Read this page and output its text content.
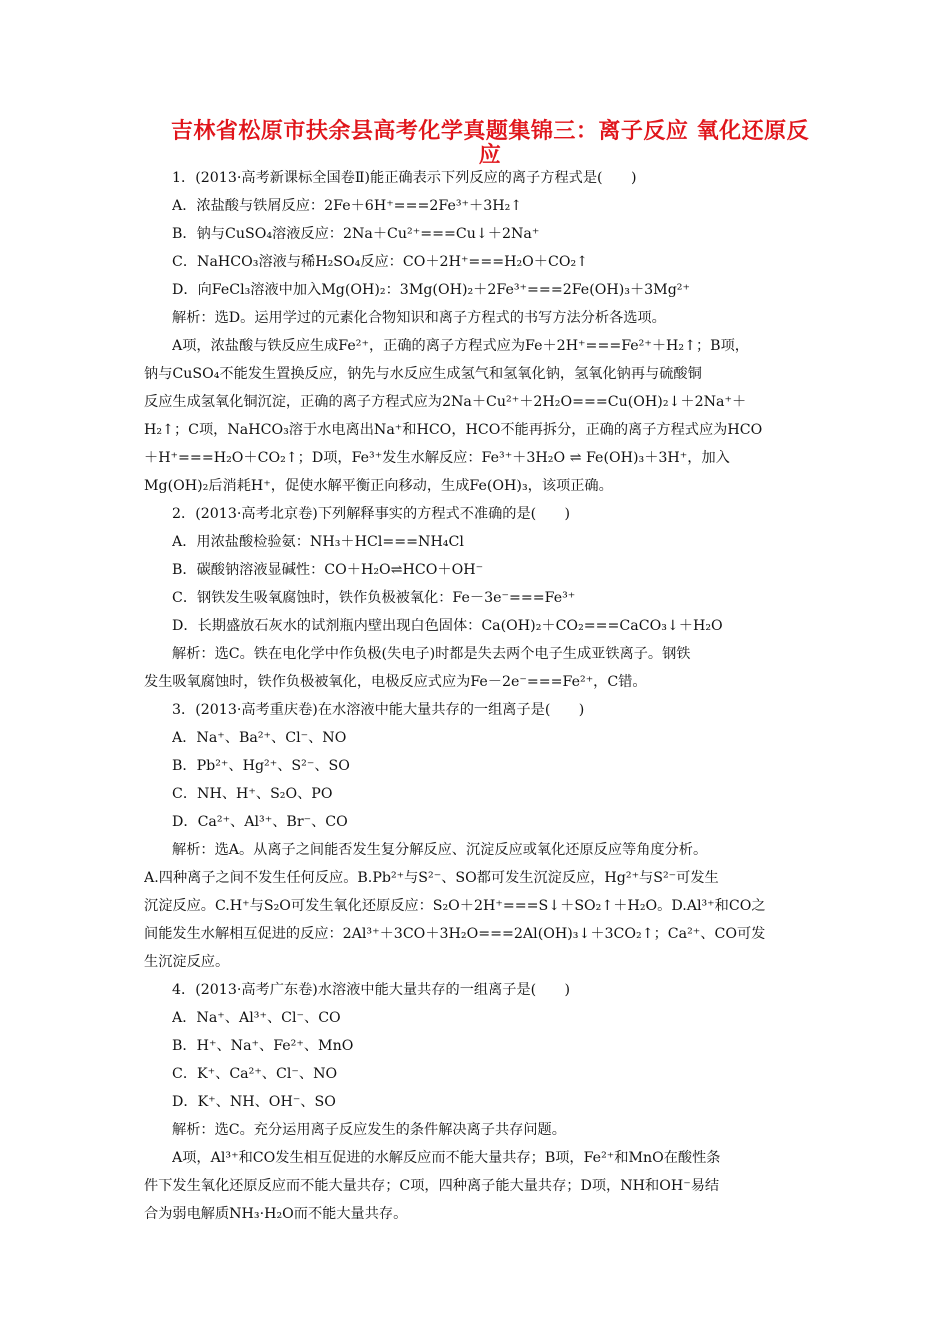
吉林省松原市扶余县高考化学真题集锦三：离子反应 氧化还原反应
1．(2013·高考新课标全国卷Ⅱ)能正确表示下列反应的离子方程式是(　　)
A．浓盐酸与铁屑反应：2Fe＋6H⁺===2Fe³⁺＋3H₂↑
B．钠与CuSO₄溶液反应：2Na＋Cu²⁺===Cu↓＋2Na⁺
C．NaHCO₃溶液与稀H₂SO₄反应：CO＋2H⁺===H₂O＋CO₂↑
D．向FeCl₃溶液中加入Mg(OH)₂：3Mg(OH)₂＋2Fe³⁺===2Fe(OH)₃＋3Mg²⁺
解析：选D。运用学过的元素化合物知识和离子方程式的书写方法分析各选项。
A项，浓盐酸与铁反应生成Fe²⁺，正确的离子方程式应为Fe＋2H⁺===Fe²⁺＋H₂↑；B项，
钠与CuSO₄不能发生置换反应，钠先与水反应生成氢气和氢氧化钠，氢氧化钠再与硫酸铜
反应生成氢氧化铜沉淀，正确的离子方程式应为2Na＋Cu²⁺＋2H₂O===Cu(OH)₂↓＋2Na⁺＋
H₂↑；C项，NaHCO₃溶于水电离出Na⁺和HCO，HCO不能再拆分，正确的离子方程式应为HCO
＋H⁺===H₂O＋CO₂↑；D项，Fe³⁺发生水解反应：Fe³⁺＋3H₂O ⇌ Fe(OH)₃＋3H⁺，加入
Mg(OH)₂后消耗H⁺，促使水解平衡正向移动，生成Fe(OH)₃，该项正确。
2．(2013·高考北京卷)下列解释事实的方程式不准确的是(　　)
A．用浓盐酸检验氨：NH₃＋HCl===NH₄Cl
B．碳酸钠溶液显碱性：CO＋H₂O⇌HCO＋OH⁻
C．钢铁发生吸氧腐蚀时，铁作负极被氧化：Fe－3e⁻===Fe³⁺
D．长期盛放石灰水的试剂瓶内壁出现白色固体：Ca(OH)₂＋CO₂===CaCO₃↓＋H₂O
解析：选C。铁在电化学中作负极(失电子)时都是失去两个电子生成亚铁离子。钢铁
发生吸氧腐蚀时，铁作负极被氧化，电极反应式应为Fe－2e⁻===Fe²⁺，C错。
3．(2013·高考重庆卷)在水溶液中能大量共存的一组离子是(　　)
A．Na⁺、Ba²⁺、Cl⁻、NO
B．Pb²⁺、Hg²⁺、S²⁻、SO
C．NH、H⁺、S₂O、PO
D．Ca²⁺、Al³⁺、Br⁻、CO
解析：选A。从离子之间能否发生复分解反应、沉淀反应或氧化还原反应等角度分析。
A.四种离子之间不发生任何反应。B.Pb²⁺与S²⁻、SO都可发生沉淀反应，Hg²⁺与S²⁻可发生
沉淀反应。C.H⁺与S₂O可发生氧化还原反应：S₂O＋2H⁺===S↓＋SO₂↑＋H₂O。D.Al³⁺和CO之
间能发生水解相互促进的反应：2Al³⁺＋3CO＋3H₂O===2Al(OH)₃↓＋3CO₂↑；Ca²⁺、CO可发
生沉淀反应。
4．(2013·高考广东卷)水溶液中能大量共存的一组离子是(　　)
A．Na⁺、Al³⁺、Cl⁻、CO
B．H⁺、Na⁺、Fe²⁺、MnO
C．K⁺、Ca²⁺、Cl⁻、NO
D．K⁺、NH、OH⁻、SO
解析：选C。充分运用离子反应发生的条件解决离子共存问题。
A项，Al³⁺和CO发生相互促进的水解反应而不能大量共存；B项，Fe²⁺和MnO在酸性条
件下发生氧化还原反应而不能大量共存；C项，四种离子能大量共存；D项，NH和OH⁻易结
合为弱电解质NH₃·H₂O而不能大量共存。
